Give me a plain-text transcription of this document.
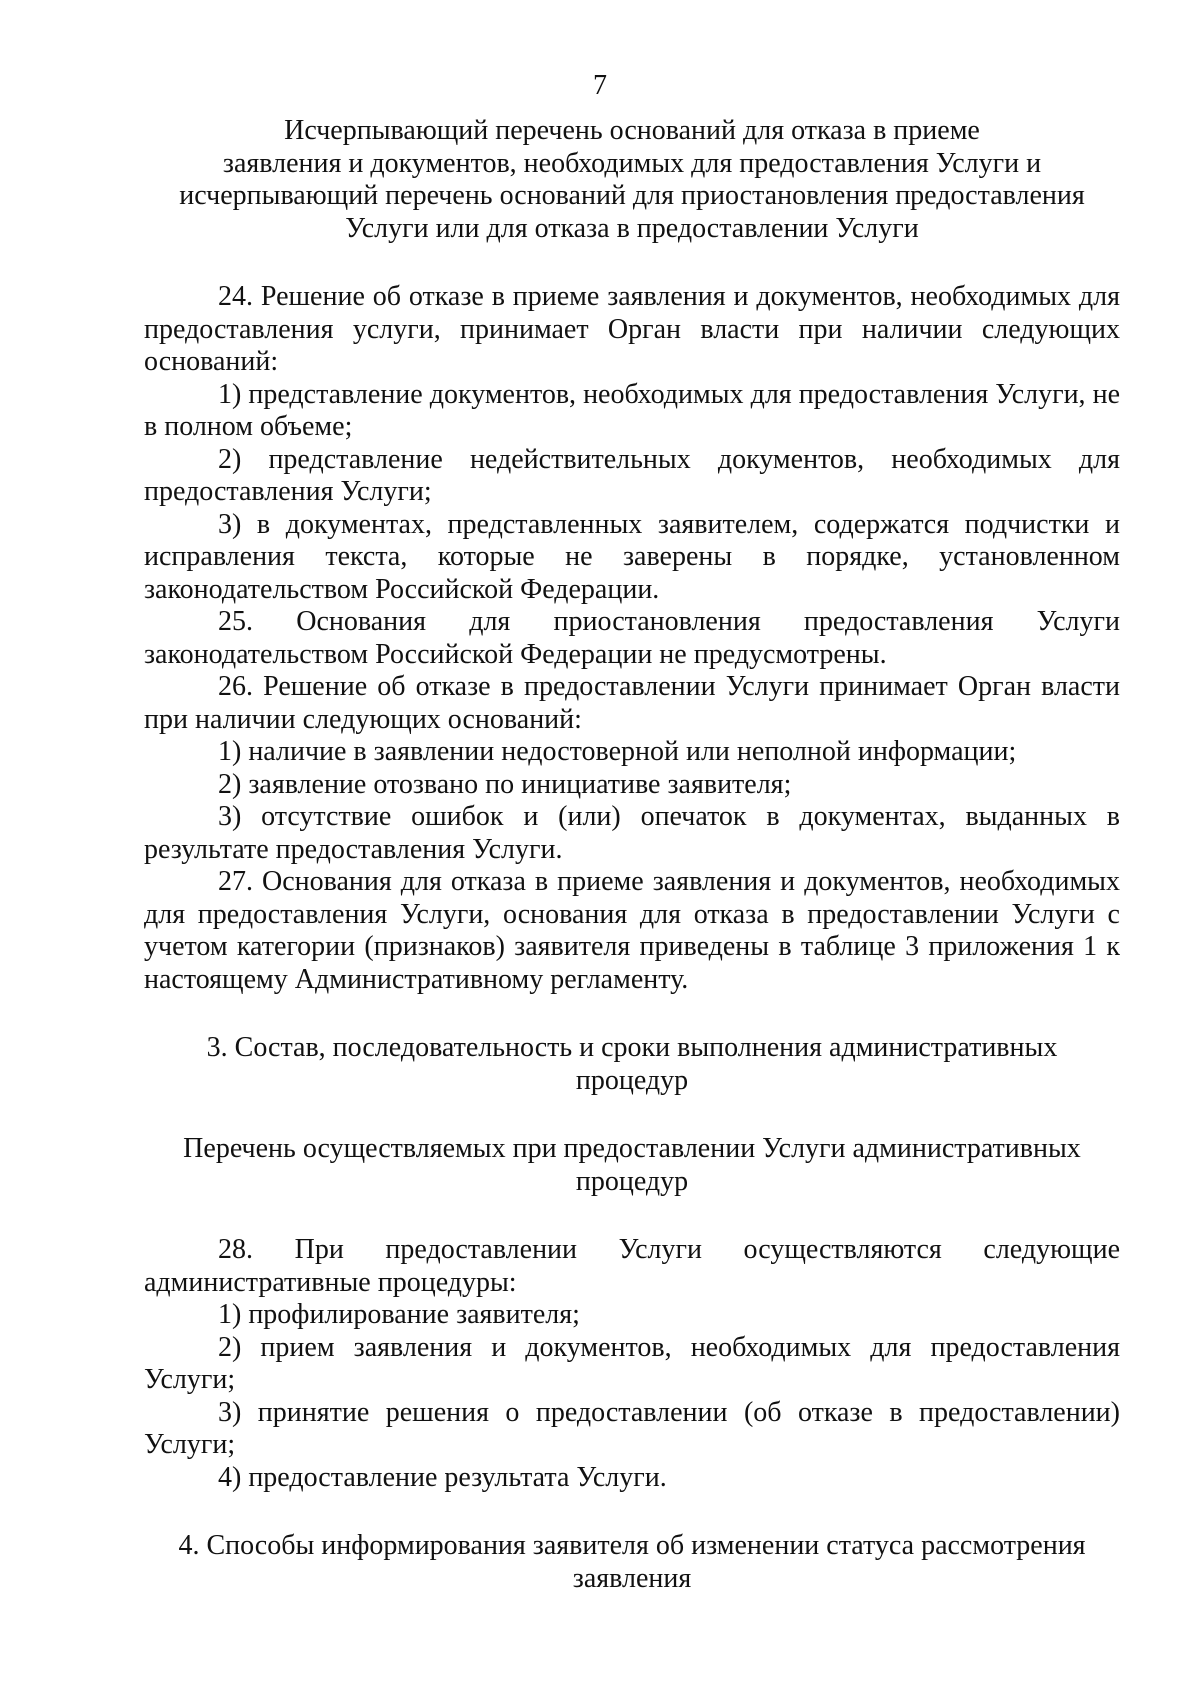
7

Исчерпывающий перечень оснований для отказа в приеме

заявления и документов, необходимых для предоставления Услуги и

исчерпывающий перечень оснований для приостановления предоставления

Услуги или для отказа в предоставлении Услуги

24. Решение об отказе в приеме заявления и документов, необходимых для предоставления услуги, принимает Орган власти при наличии следующих оснований:

1) представление документов, необходимых для предоставления Услуги, не в полном объеме;

2) представление недействительных документов, необходимых для предоставления Услуги;

3) в документах, представленных заявителем, содержатся подчистки и исправления текста, которые не заверены в порядке, установленном законодательством Российской Федерации.

25. Основания для приостановления предоставления Услуги законодательством Российской Федерации не предусмотрены.

26. Решение об отказе в предоставлении Услуги принимает Орган власти при наличии следующих оснований:

1) наличие в заявлении недостоверной или неполной информации;

2) заявление отозвано по инициативе заявителя;

3) отсутствие ошибок и (или) опечаток в документах, выданных в результате предоставления Услуги.

27. Основания для отказа в приеме заявления и документов, необходимых для предоставления Услуги, основания для отказа в предоставлении Услуги с учетом категории (признаков) заявителя приведены в таблице 3 приложения 1 к настоящему Административному регламенту.

3. Состав, последовательность и сроки выполнения административных

процедур

Перечень осуществляемых при предоставлении Услуги административных

процедур

28. При предоставлении Услуги осуществляются следующие административные процедуры:

1) профилирование заявителя;

2) прием заявления и документов, необходимых для предоставления Услуги;

3) принятие решения о предоставлении (об отказе в предоставлении) Услуги;

4) предоставление результата Услуги.

4. Способы информирования заявителя об изменении статуса рассмотрения

заявления
